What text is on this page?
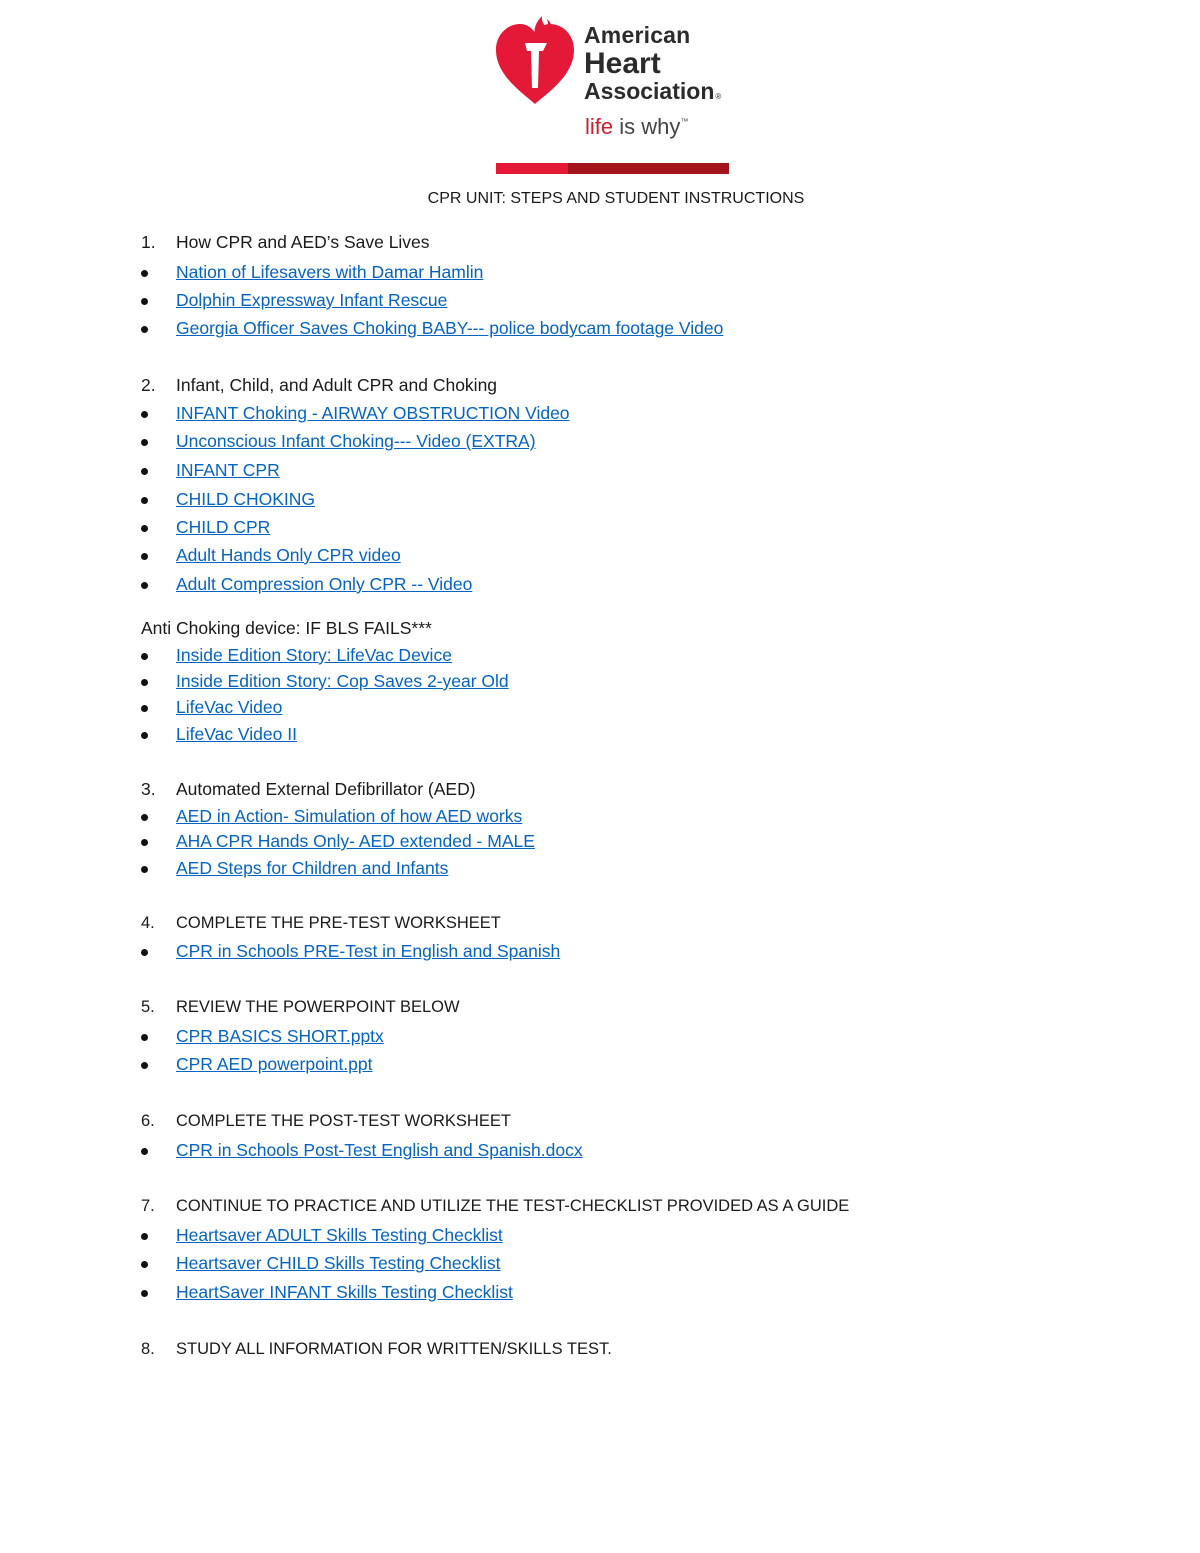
American
Heart
Association®
life is why™
CPR UNIT: STEPS AND STUDENT INSTRUCTIONS
1. How CPR and AED’s Save Lives
Nation of Lifesavers with Damar Hamlin
Dolphin Expressway Infant Rescue
Georgia Officer Saves Choking BABY--- police bodycam footage Video
2. Infant, Child, and Adult CPR and Choking
INFANT Choking - AIRWAY OBSTRUCTION Video
Unconscious Infant Choking--- Video (EXTRA)
INFANT CPR
CHILD CHOKING
CHILD CPR
Adult Hands Only CPR video
Adult Compression Only CPR -- Video
Anti Choking device: IF BLS FAILS***
Inside Edition Story: LifeVac Device
Inside Edition Story: Cop Saves 2-year Old
LifeVac Video
LifeVac Video II
3. Automated External Defibrillator (AED)
AED in Action- Simulation of how AED works
AHA CPR Hands Only- AED extended - MALE
AED Steps for Children and Infants
4. COMPLETE THE PRE-TEST WORKSHEET
CPR in Schools PRE-Test in English and Spanish
5. REVIEW THE POWERPOINT BELOW
CPR BASICS SHORT.pptx
CPR AED powerpoint.ppt
6. COMPLETE THE POST-TEST WORKSHEET
CPR in Schools Post-Test English and Spanish.docx
7. CONTINUE TO PRACTICE AND UTILIZE THE TEST-CHECKLIST PROVIDED AS A GUIDE
Heartsaver ADULT Skills Testing Checklist
Heartsaver CHILD Skills Testing Checklist
HeartSaver INFANT Skills Testing Checklist
8. STUDY ALL INFORMATION FOR WRITTEN/SKILLS TEST.
